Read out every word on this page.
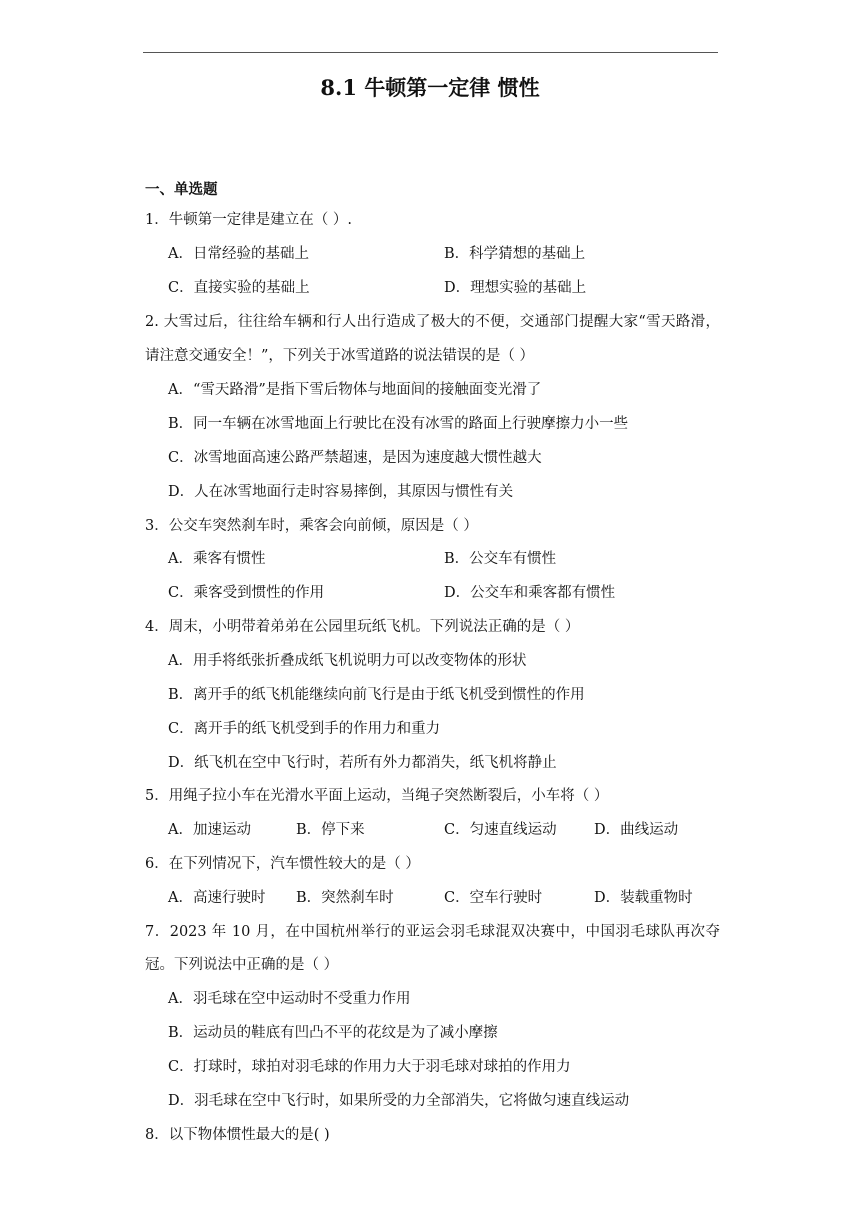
8.1 牛顿第一定律 惯性
一、单选题
1．牛顿第一定律是建立在（ ）.
A．日常经验的基础上	B．科学猜想的基础上
C．直接实验的基础上	D．理想实验的基础上
2. 大雪过后，往往给车辆和行人出行造成了极大的不便，交通部门提醒大家“雪天路滑，
请注意交通安全！”，下列关于冰雪道路的说法错误的是（ ）
A．“雪天路滑”是指下雪后物体与地面间的接触面变光滑了
B．同一车辆在冰雪地面上行驶比在没有冰雪的路面上行驶摩擦力小一些
C．冰雪地面高速公路严禁超速，是因为速度越大惯性越大
D．人在冰雪地面行走时容易摔倒，其原因与惯性有关
3．公交车突然刹车时，乘客会向前倾，原因是（ ）
A．乘客有惯性	B．公交车有惯性
C．乘客受到惯性的作用	D．公交车和乘客都有惯性
4．周末，小明带着弟弟在公园里玩纸飞机。下列说法正确的是（ ）
A．用手将纸张折叠成纸飞机说明力可以改变物体的形状
B．离开手的纸飞机能继续向前飞行是由于纸飞机受到惯性的作用
C．离开手的纸飞机受到手的作用力和重力
D．纸飞机在空中飞行时，若所有外力都消失，纸飞机将静止
5．用绳子拉小车在光滑水平面上运动，当绳子突然断裂后，小车将（ ）
A．加速运动	B．停下来	C．匀速直线运动	D．曲线运动
6．在下列情况下，汽车惯性较大的是（ ）
A．高速行驶时 B．突然刹车时	C．空车行驶时	D．装载重物时
7．2023 年 10 月，在中国杭州举行的亚运会羽毛球混双决赛中，中国羽毛球队再次夺
冠。下列说法中正确的是（ ）
A．羽毛球在空中运动时不受重力作用
B．运动员的鞋底有凹凸不平的花纹是为了减小摩擦
C．打球时，球拍对羽毛球的作用力大于羽毛球对球拍的作用力
D．羽毛球在空中飞行时，如果所受的力全部消失，它将做匀速直线运动
8．以下物体惯性最大的是( )
